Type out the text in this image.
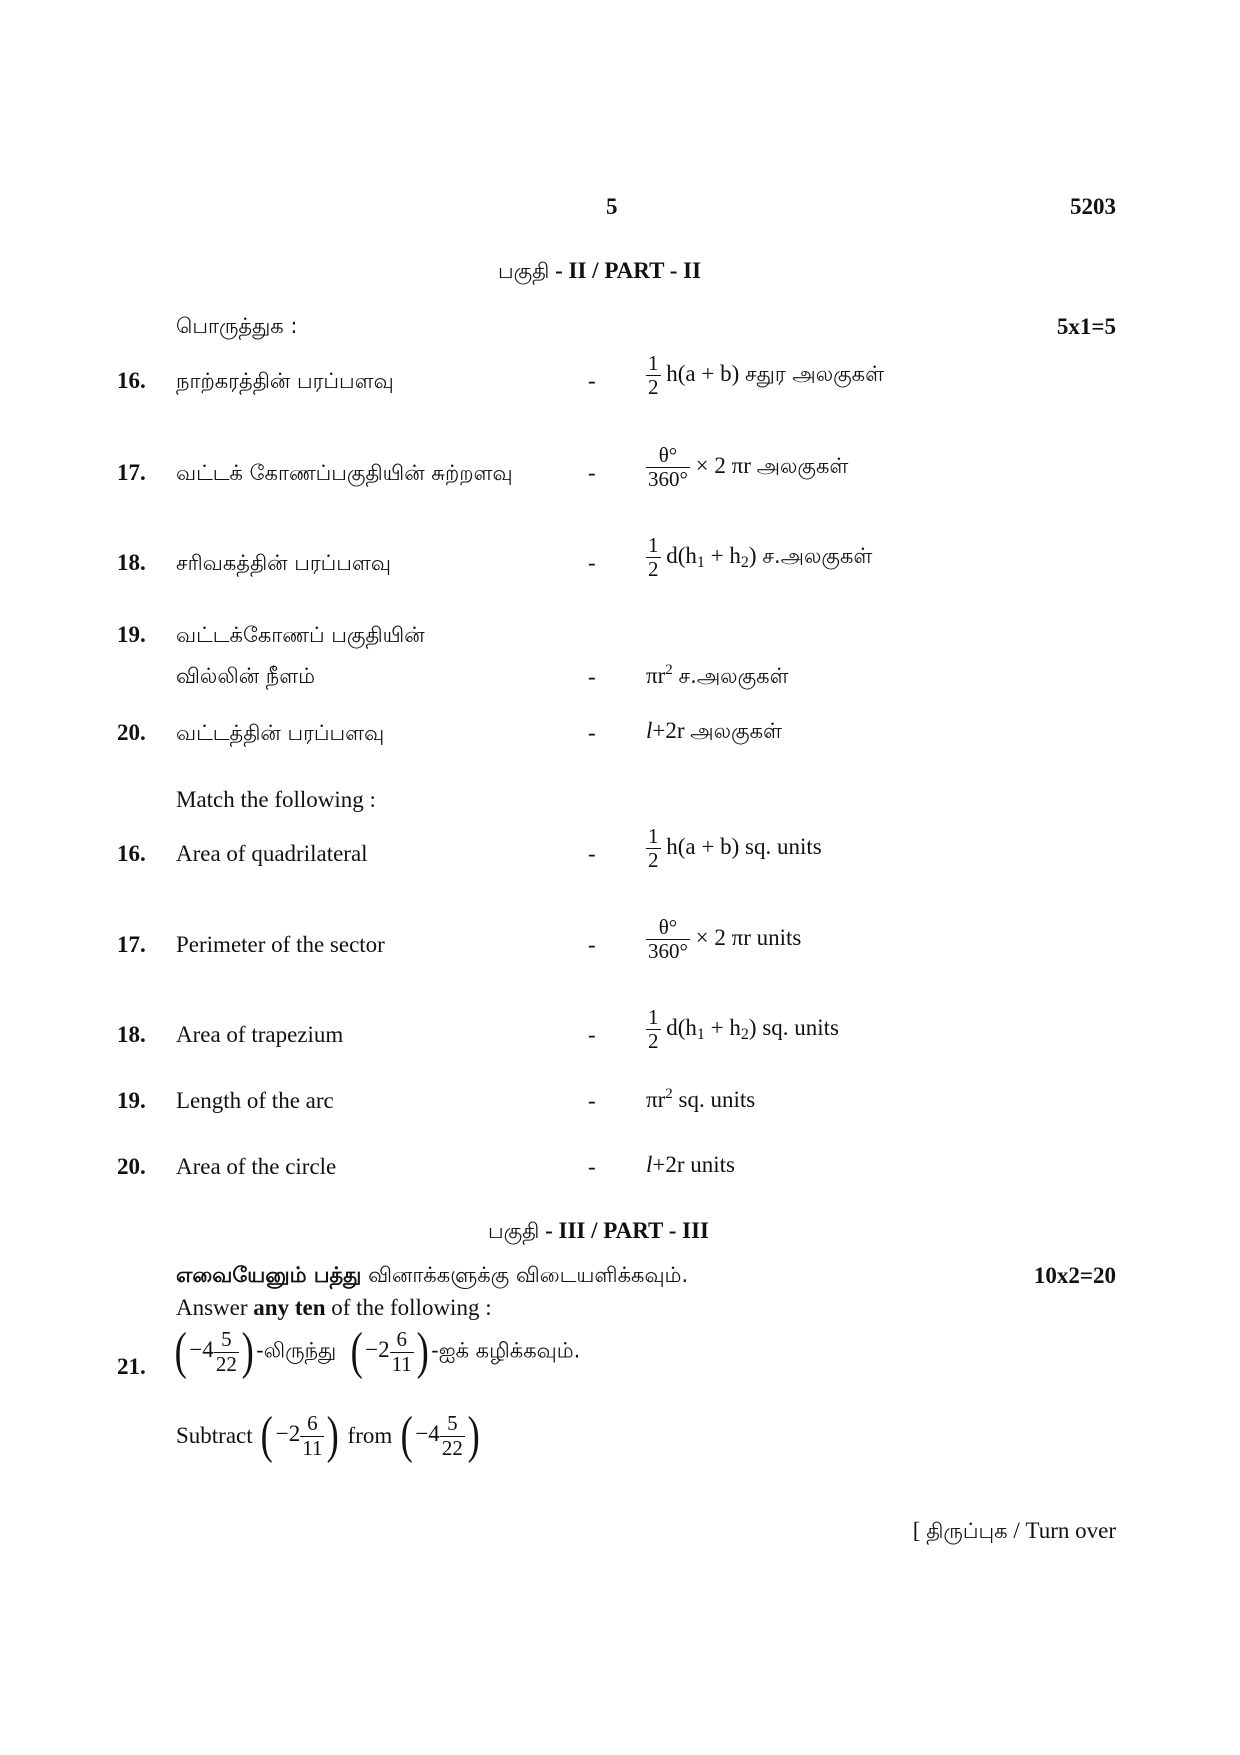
5	5203
பகுதி - II / PART - II
பொருத்துக :	5x1=5
16. நாற்கரத்தின் பரப்பளவு	- $\frac{1}{2} h(a + b)$ சதுர அலகுகள்
17. வட்டக் கோணப்பகுதியின் சுற்றளவு	- $\frac{\theta^\circ}{360^\circ} \times 2$ πr அலகுகள்
18. சரிவகத்தின் பரப்பளவு	- $\frac{1}{2} d(h_1 + h_2)$ ச.அலகுகள்
19. வட்டக்கோணப் பகுதியின்
வில்லின் நீளம்	- $\pi r^2$ ச.அலகுகள்
20. வட்டத்தின் பரப்பளவு	- l+2r அலகுகள்
Match the following :
16. Area of quadrilateral	- $\frac{1}{2} h(a + b)$ sq. units
17. Perimeter of the sector	- $\frac{\theta^\circ}{360^\circ} \times 2$ πr units
18. Area of trapezium	- $\frac{1}{2} d(h_1 + h_2)$ sq. units
19. Length of the arc	- $\pi r^2$ sq. units
20. Area of the circle	- l+2r units
பகுதி - III / PART - III
எவையேனும் பத்து வினாக்களுக்கு விடையளிக்கவும்.	10x2=20
Answer any ten of the following :
21. ( $-4 \frac{5}{22}$ ) -லிருந்து ( $-2 \frac{6}{11}$ ) -ஐக் கழிக்கவும்.
Subtract ( $-2 \frac{6}{11}$ ) from ( $-4 \frac{5}{22}$ )
[ திருப்புக / Turn over
